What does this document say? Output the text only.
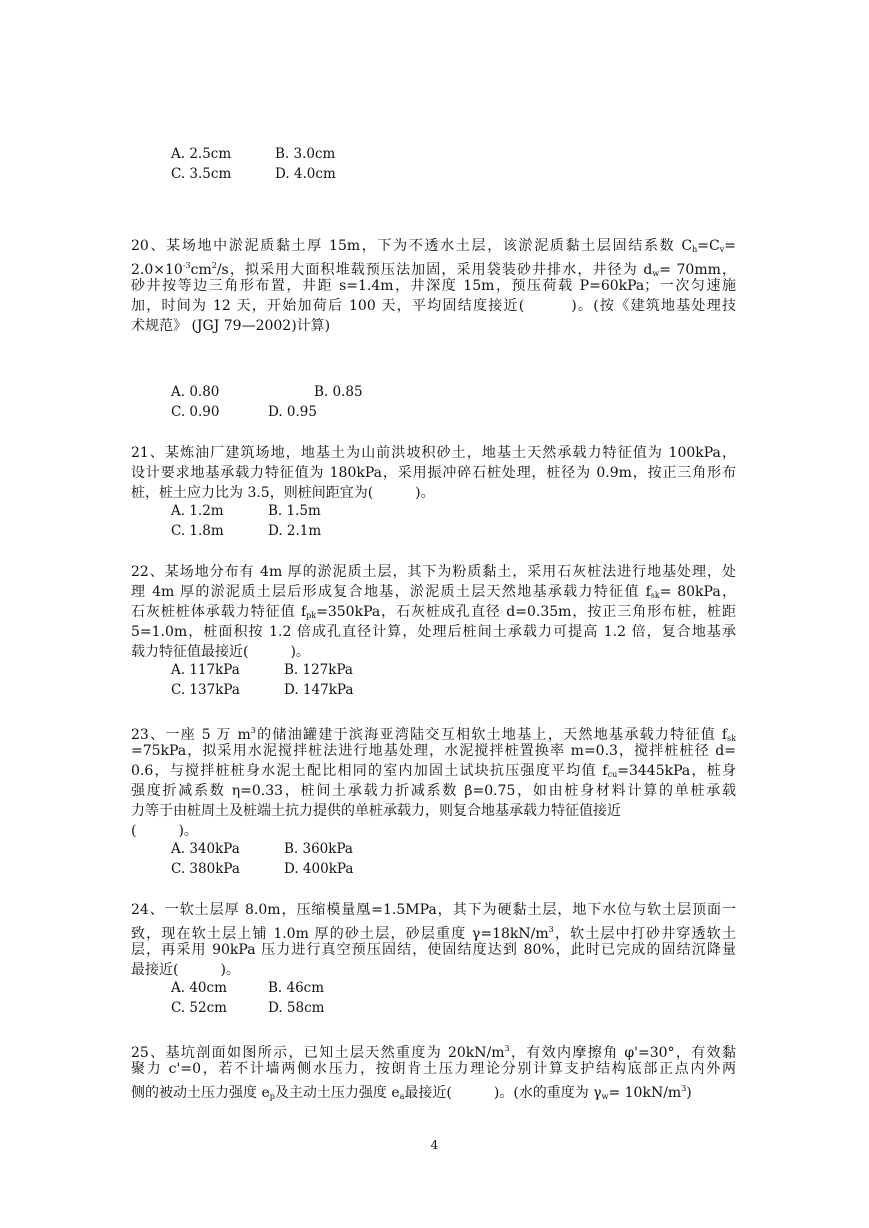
A. 2.5cm	B. 3.0cm
C. 3.5cm	D. 4.0cm
20、某场地中淤泥质黏土厚 15m，下为不透水土层，该淤泥质黏土层固结系数 $C_h=C_v=$
$2.0\times 10^{-3}cm^2/s$，拟采用大面积堆载预压法加固，采用袋装砂井排水，井径为 $d_w= 70mm$，
砂井按等边三角形布置，井距 s=1.4m，井深度 15m，预压荷载 P=60kPa；一次匀速施
加，时间为 12 天，开始加荷后 100 天，平均固结度接近(　　　)。(按《建筑地基处理技
术规范》 (JGJ 79—2002)计算)
A. 0.80	B. 0.85
C. 0.90	D. 0.95
21、某炼油厂建筑场地，地基土为山前洪坡积砂土，地基土天然承载力特征值为 100kPa，
设计要求地基承载力特征值为 180kPa，采用振冲碎石桩处理，桩径为 0.9m，按正三角形布
桩，桩土应力比为 3.5，则桩间距宜为(　　　)。
A. 1.2m	B. 1.5m
C. 1.8m	D. 2.1m
22、某场地分布有 4m 厚的淤泥质土层，其下为粉质黏土，采用石灰桩法进行地基处理，处
理 4m 厚的淤泥质土层后形成复合地基，淤泥质土层天然地基承载力特征值 $f_{sk}= 80kPa$，
石灰桩桩体承载力特征值 $f_{pk}=350kPa$，石灰桩成孔直径 d=0.35m，按正三角形布桩，桩距
5=1.0m，桩面积按 1.2 倍成孔直径计算，处理后桩间土承载力可提高 1.2 倍，复合地基承
载力特征值最接近(　　　)。
A. 117kPa	B. 127kPa
C. 137kPa	D. 147kPa
23、一座 5 万 $m^3$的储油罐建于滨海亚湾陆交互相软土地基上，天然地基承载力特征值 $f_{sk}$
=75kPa，拟采用水泥搅拌桩法进行地基处理，水泥搅拌桩置换率 m=0.3，搅拌桩桩径 d=
0.6，与搅拌桩桩身水泥土配比相同的室内加固土试块抗压强度平均值 $f_{cu}=3445kPa$，桩身
强度折减系数 η=0.33，桩间土承载力折减系数 β=0.75，如由桩身材料计算的单桩承载
力等于由桩周土及桩端土抗力提供的单桩承载力，则复合地基承载力特征值接近
(　　　)。
A. 340kPa	B. 360kPa
C. 380kPa	D. 400kPa
24、一软土层厚 8.0m，压缩模量凰=1.5MPa，其下为硬黏土层，地下水位与软土层顶面一
致，现在软土层上铺 1.0m 厚的砂土层，砂层重度 $\gamma=18kN/m^3$，软土层中打砂井穿透软土
层，再采用 90kPa 压力进行真空预压固结，使固结度达到 80%，此时已完成的固结沉降量
最接近(　　　)。
A. 40cm	B. 46cm
C. 52cm	D. 58cm
25、基坑剖面如图所示，已知土层天然重度为 $20kN/m^3$，有效内摩擦角 φ'=30°，有效黏
聚力 c'=0，若不计墙两侧水压力，按朗肯土压力理论分别计算支护结构底部正点内外两
侧的被动土压力强度 $e_p$及主动土压力强度 $e_a$最接近(　　　)。(水的重度为 $\gamma_w= 10kN/m^3$)
4
